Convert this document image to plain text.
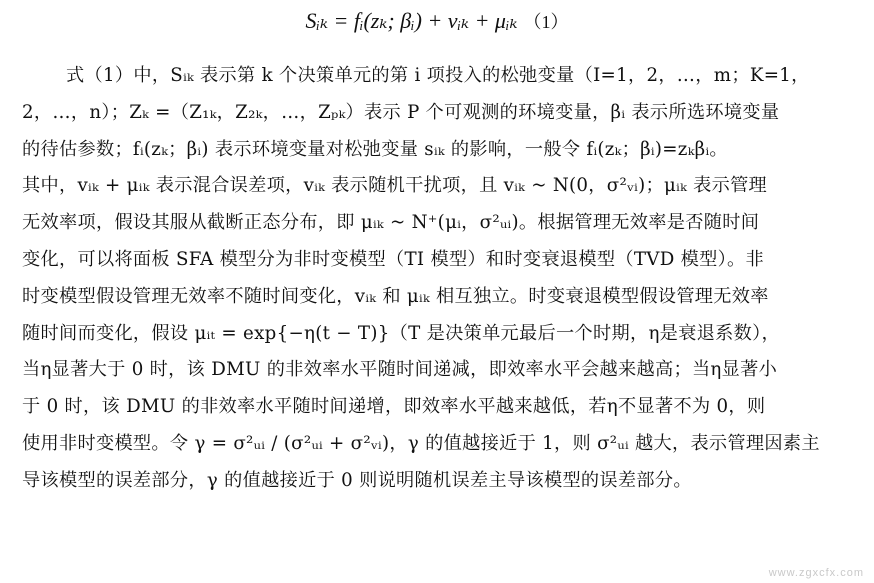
Sᵢₖ = fᵢ(zₖ; βᵢ) + vᵢₖ + μᵢₖ （1）
式（1）中，Sᵢₖ 表示第 k 个决策单元的第 i 项投入的松弛变量（I=1，2，…，m；K=1，
2，…，n）；Zₖ =（Z₁ₖ，Z₂ₖ，…，Zₚₖ）表示 P 个可观测的环境变量，βᵢ 表示所选环境变量
的待估参数；fᵢ(zₖ；βᵢ) 表示环境变量对松弛变量 sᵢₖ 的影响，一般令 fᵢ(zₖ；βᵢ)=zₖβᵢ。
其中，vᵢₖ + μᵢₖ 表示混合误差项，vᵢₖ 表示随机干扰项，且 vᵢₖ ~ N(0，σ²ᵥᵢ)；μᵢₖ 表示管理
无效率项，假设其服从截断正态分布，即 μᵢₖ ~ N⁺(μᵢ，σ²ᵤᵢ)。根据管理无效率是否随时间
变化，可以将面板 SFA 模型分为非时变模型（TI 模型）和时变衰退模型（TVD 模型）。非
时变模型假设管理无效率不随时间变化，vᵢₖ 和 μᵢₖ 相互独立。时变衰退模型假设管理无效率
随时间而变化，假设 μᵢₜ = exp{−η(t − T)}（T 是决策单元最后一个时期，η是衰退系数），
当η显著大于 0 时，该 DMU 的非效率水平随时间递减，即效率水平会越来越高；当η显著小
于 0 时，该 DMU 的非效率水平随时间递增，即效率水平越来越低，若η不显著不为 0，则
使用非时变模型。令 γ = σ²ᵤᵢ / (σ²ᵤᵢ + σ²ᵥᵢ)，γ 的值越接近于 1，则 σ²ᵤᵢ 越大，表示管理因素主
导该模型的误差部分，γ 的值越接近于 0 则说明随机误差主导该模型的误差部分。
www.zgxcfx.com
